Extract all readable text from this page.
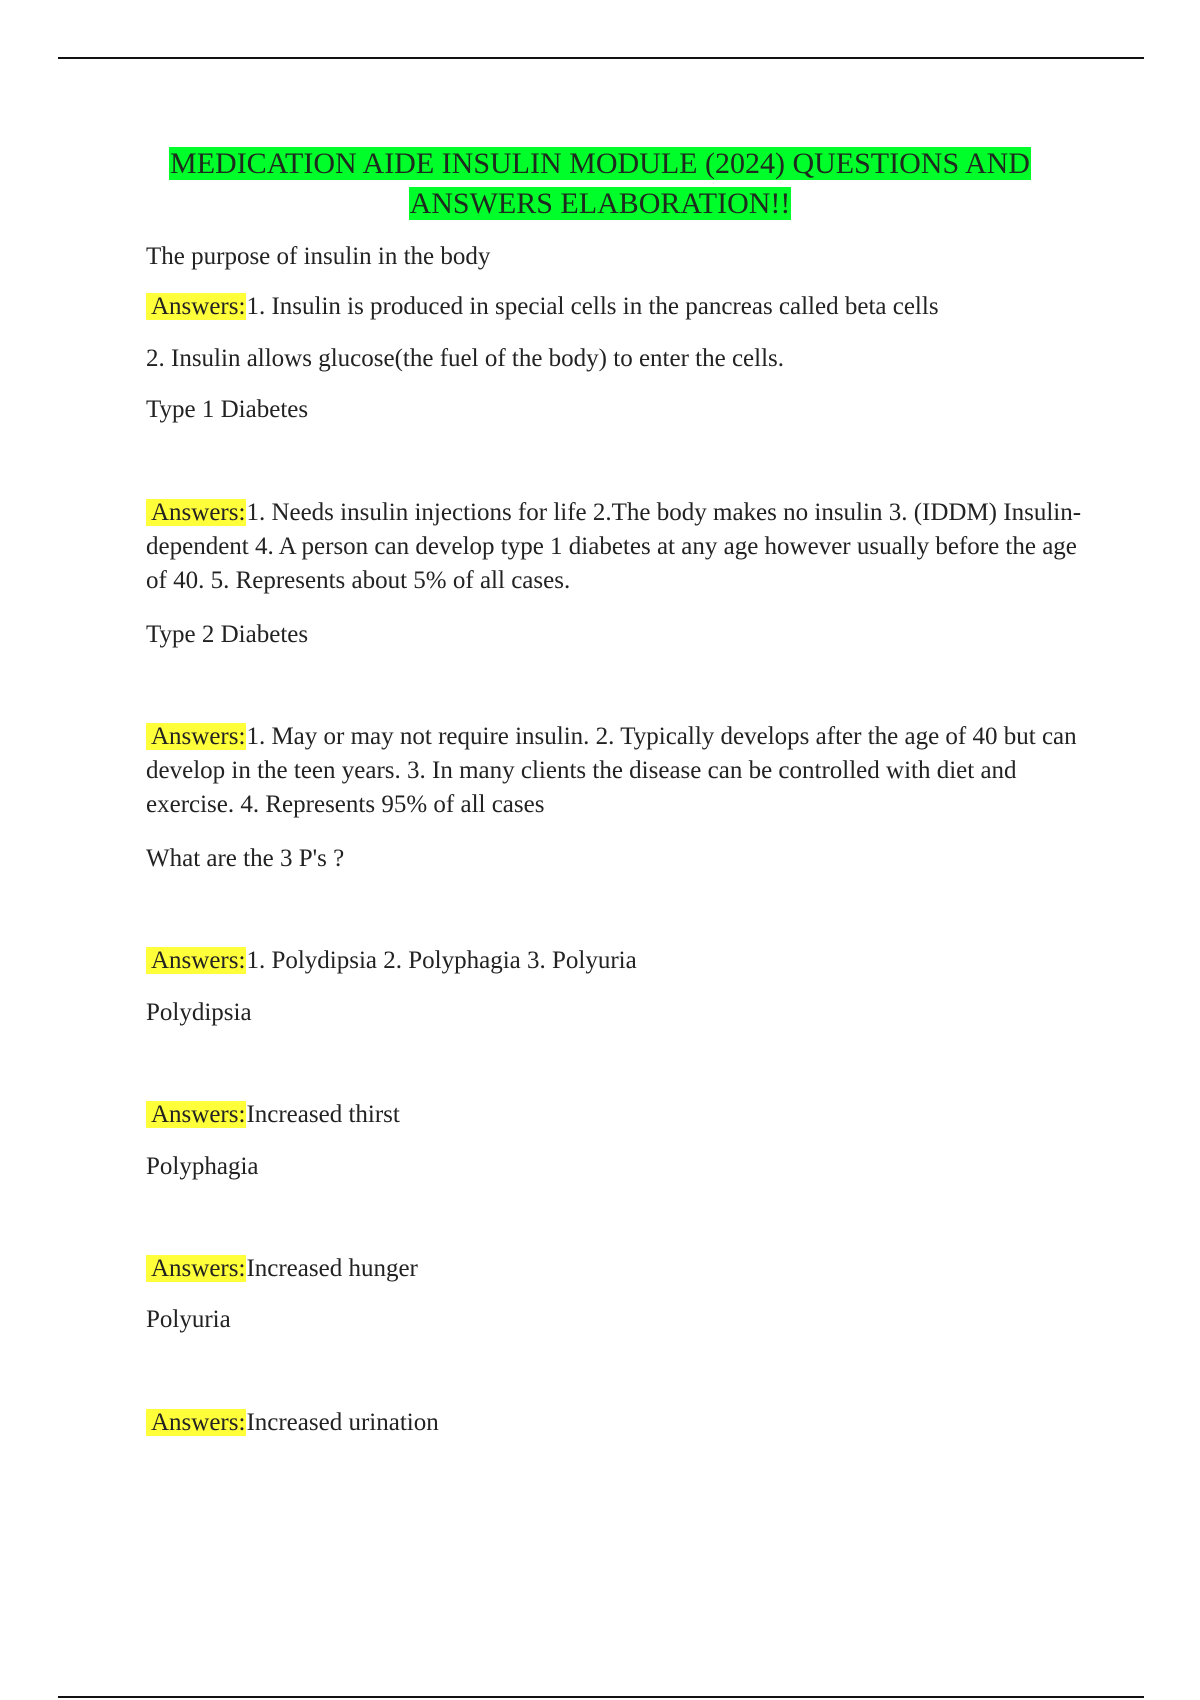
MEDICATION AIDE INSULIN MODULE (2024) QUESTIONS AND ANSWERS ELABORATION!!

The purpose of insulin in the body

Answers:1. Insulin is produced in special cells in the pancreas called beta cells

2. Insulin allows glucose(the fuel of the body) to enter the cells.

Type 1 Diabetes

Answers:1. Needs insulin injections for life 2.The body makes no insulin 3. (IDDM) Insulin-dependent 4. A person can develop type 1 diabetes at any age however usually before the age of 40. 5. Represents about 5% of all cases.

Type 2 Diabetes

Answers:1. May or may not require insulin. 2. Typically develops after the age of 40 but can develop in the teen years. 3. In many clients the disease can be controlled with diet and exercise. 4. Represents 95% of all cases

What are the 3 P's ?

Answers:1. Polydipsia 2. Polyphagia 3. Polyuria

Polydipsia

Answers:Increased thirst

Polyphagia

Answers:Increased hunger

Polyuria

Answers:Increased urination
